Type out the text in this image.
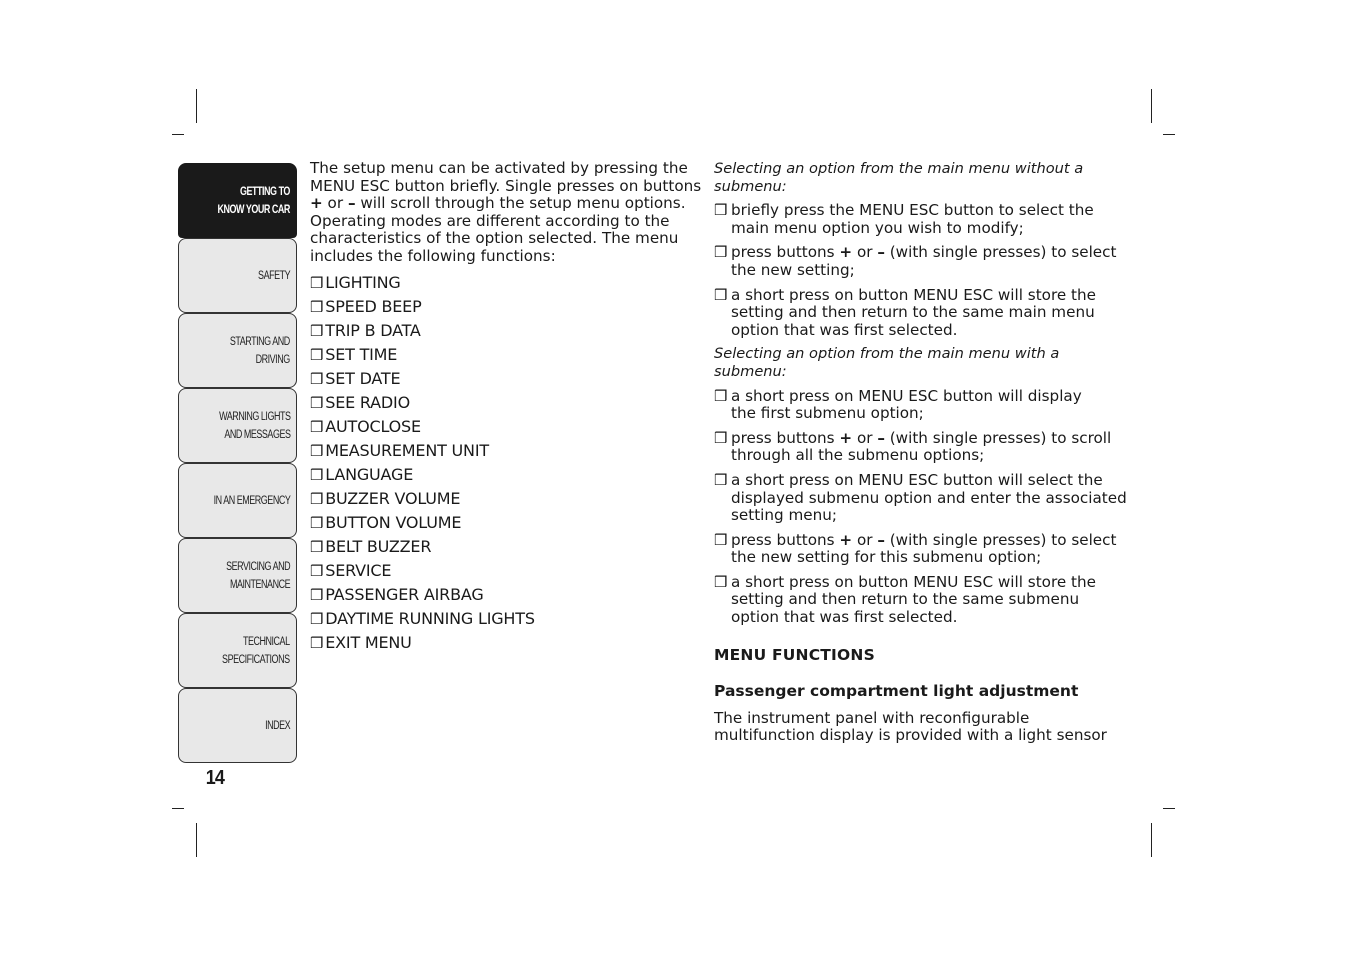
GETTING TO
KNOW YOUR CAR
SAFETY
STARTING AND
DRIVING
WARNING LIGHTS
AND MESSAGES
IN AN EMERGENCY
SERVICING AND
MAINTENANCE
TECHNICAL
SPECIFICATIONS
INDEX
14
The setup menu can be activated by pressing the
MENU ESC button briefly. Single presses on buttons
+ or – will scroll through the setup menu options.
Operating modes are different according to the
characteristics of the option selected. The menu
includes the following functions:
❒ LIGHTING
❒ SPEED BEEP
❒ TRIP B DATA
❒ SET TIME
❒ SET DATE
❒ SEE RADIO
❒ AUTOCLOSE
❒ MEASUREMENT UNIT
❒ LANGUAGE
❒ BUZZER VOLUME
❒ BUTTON VOLUME
❒ BELT BUZZER
❒ SERVICE
❒ PASSENGER AIRBAG
❒ DAYTIME RUNNING LIGHTS
❒ EXIT MENU
Selecting an option from the main menu without a
submenu:
❒ briefly press the MENU ESC button to select the
main menu option you wish to modify;
❒ press buttons + or – (with single presses) to select
the new setting;
❒ a short press on button MENU ESC will store the
setting and then return to the same main menu
option that was first selected.
Selecting an option from the main menu with a
submenu:
❒ a short press on MENU ESC button will display
the first submenu option;
❒ press buttons + or – (with single presses) to scroll
through all the submenu options;
❒ a short press on MENU ESC button will select the
displayed submenu option and enter the associated
setting menu;
❒ press buttons + or – (with single presses) to select
the new setting for this submenu option;
❒ a short press on button MENU ESC will store the
setting and then return to the same submenu
option that was first selected.
MENU FUNCTIONS
Passenger compartment light adjustment
The instrument panel with reconfigurable
multifunction display is provided with a light sensor
